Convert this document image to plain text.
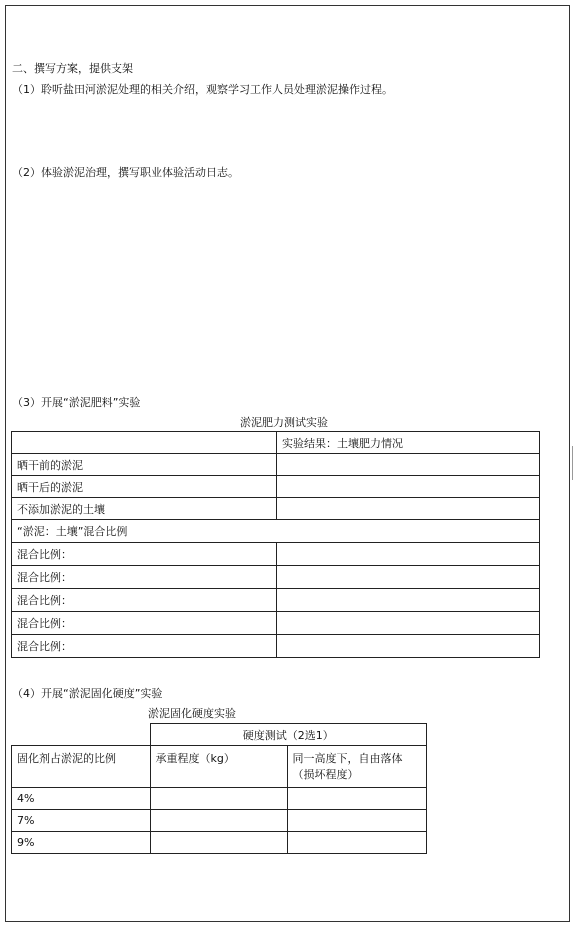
二、撰写方案，提供支架
（1）聆听盐田河淤泥处理的相关介绍，观察学习工作人员处理淤泥操作过程。
（2）体验淤泥治理，撰写职业体验活动日志。
（3）开展“淤泥肥料”实验
淤泥肥力测试实验
	实验结果：土壤肥力情况
晒干前的淤泥	
晒干后的淤泥	
不添加淤泥的土壤	
“淤泥：土壤”混合比例	
混合比例：	
混合比例：	
混合比例：	
混合比例：	
混合比例：	
（4）开展“淤泥固化硬度”实验
淤泥固化硬度实验
	硬度测试（2选1）	
固化剂占淤泥的比例	承重程度（kg）	同一高度下，自由落体
（损坏程度）

4%		
7%		
9%		
